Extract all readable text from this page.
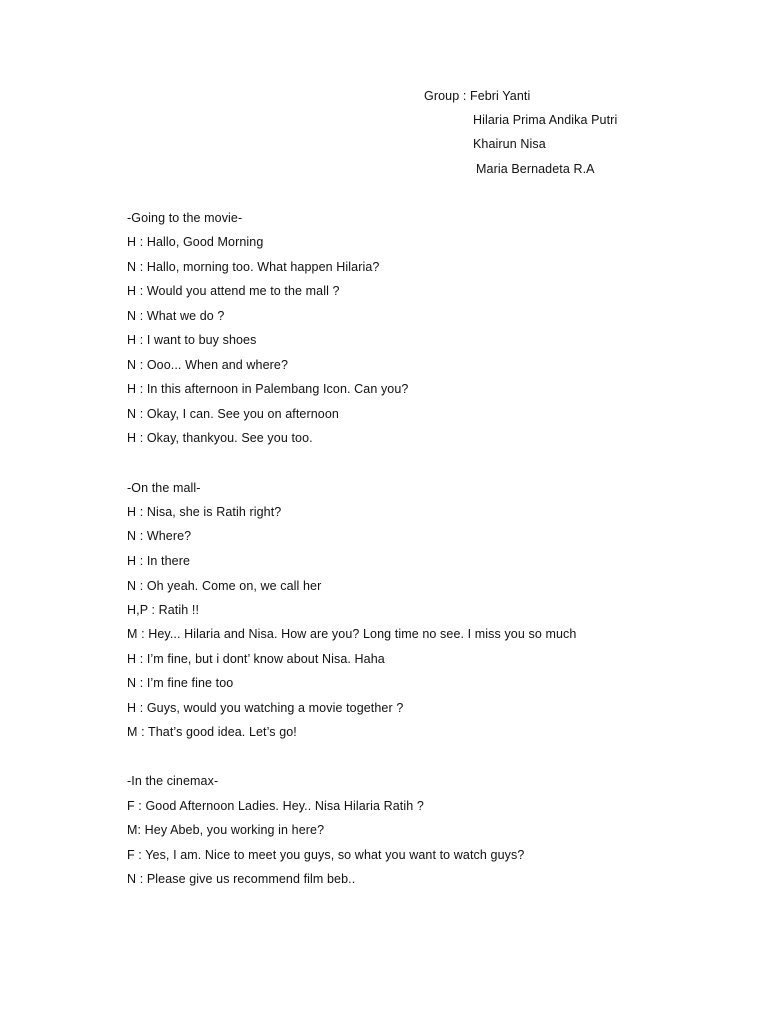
Group : Febri Yanti
Hilaria Prima Andika Putri
Khairun Nisa
Maria Bernadeta R.A
-Going to the movie-
H : Hallo, Good Morning
N : Hallo, morning too. What happen Hilaria?
H : Would you attend me to the mall ?
N : What we do ?
H : I want to buy shoes
N : Ooo... When and where?
H : In this afternoon in Palembang Icon. Can you?
N : Okay, I can. See you on afternoon
H : Okay, thankyou. See you too.
-On the mall-
H : Nisa, she is Ratih right?
N : Where?
H : In there
N : Oh yeah. Come on, we call her
H,P : Ratih !!
M : Hey... Hilaria and Nisa. How are you? Long time no see. I miss you so much
H : I’m fine, but i dont’ know about Nisa. Haha
N : I’m fine fine too
H : Guys, would you watching a movie together ?
M : That’s good idea. Let’s go!
-In the cinemax-
F : Good Afternoon Ladies. Hey.. Nisa Hilaria Ratih ?
M: Hey Abeb, you working in here?
F : Yes, I am. Nice to meet you guys, so what you want to watch guys?
N : Please give us recommend film beb..
